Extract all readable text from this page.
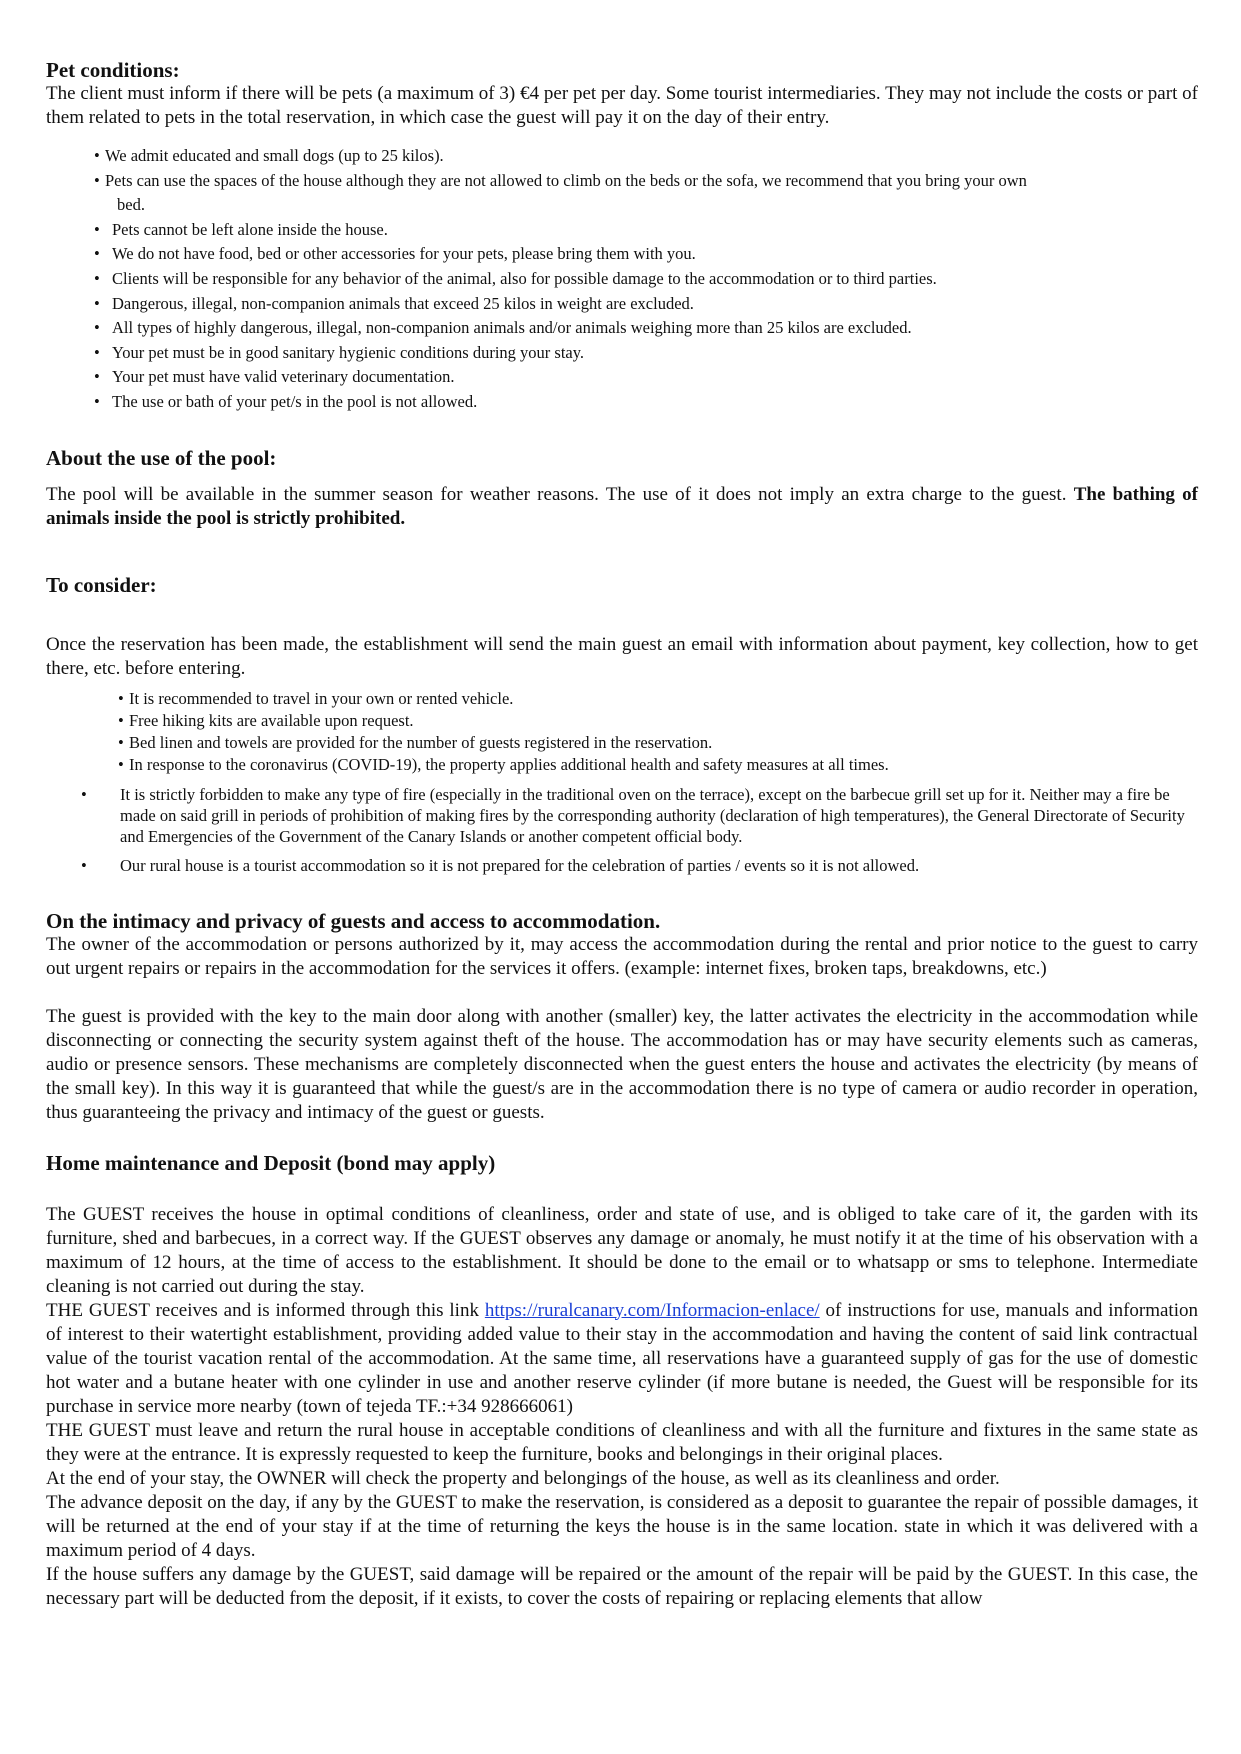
Pet conditions:

The client must inform if there will be pets (a maximum of 3) €4 per pet per day. Some tourist intermediaries. They may not include the costs or part of them related to pets in the total reservation, in which case the guest will pay it on the day of their entry.

• We admit educated and small dogs (up to 25 kilos).
• Pets can use the spaces of the house although they are not allowed to climb on the beds or the sofa, we recommend that you bring your own
bed.
• Pets cannot be left alone inside the house.
• We do not have food, bed or other accessories for your pets, please bring them with you.
• Clients will be responsible for any behavior of the animal, also for possible damage to the accommodation or to third parties.
• Dangerous, illegal, non-companion animals that exceed 25 kilos in weight are excluded.
• All types of highly dangerous, illegal, non-companion animals and/or animals weighing more than 25 kilos are excluded.
• Your pet must be in good sanitary hygienic conditions during your stay.
• Your pet must have valid veterinary documentation.
• The use or bath of your pet/s in the pool is not allowed.
About the use of the pool:

The pool will be available in the summer season for weather reasons. The use of it does not imply an extra charge to the guest. The bathing of animals inside the pool is strictly prohibited.

To consider:

Once the reservation has been made, the establishment will send the main guest an email with information about payment, key collection, how to get there, etc. before entering.

• It is recommended to travel in your own or rented vehicle.
• Free hiking kits are available upon request.
• Bed linen and towels are provided for the number of guests registered in the reservation.
• In response to the coronavirus (COVID-19), the property applies additional health and safety measures at all times.
• It is strictly forbidden to make any type of fire (especially in the traditional oven on the terrace), except on the barbecue grill set up for it. Neither may a fire be made on said grill in periods of prohibition of making fires by the corresponding authority (declaration of high temperatures), the General Directorate of Security and Emergencies of the Government of the Canary Islands or another competent official body.
• Our rural house is a tourist accommodation so it is not prepared for the celebration of parties / events so it is not allowed.
On the intimacy and privacy of guests and access to accommodation.

The owner of the accommodation or persons authorized by it, may access the accommodation during the rental and prior notice to the guest to carry out urgent repairs or repairs in the accommodation for the services it offers. (example: internet fixes, broken taps, breakdowns, etc.)

The guest is provided with the key to the main door along with another (smaller) key, the latter activates the electricity in the accommodation while disconnecting or connecting the security system against theft of the house. The accommodation has or may have security elements such as cameras, audio or presence sensors. These mechanisms are completely disconnected when the guest enters the house and activates the electricity (by means of the small key). In this way it is guaranteed that while the guest/s are in the accommodation there is no type of camera or audio recorder in operation, thus guaranteeing the privacy and intimacy of the guest or guests.

Home maintenance and Deposit (bond may apply)

The GUEST receives the house in optimal conditions of cleanliness, order and state of use, and is obliged to take care of it, the garden with its furniture, shed and barbecues, in a correct way. If the GUEST observes any damage or anomaly, he must notify it at the time of his observation with a maximum of 12 hours, at the time of access to the establishment. It should be done to the email or to whatsapp or sms to telephone. Intermediate cleaning is not carried out during the stay.

THE GUEST receives and is informed through this link https://ruralcanary.com/Informacion-enlace/ of instructions for use, manuals and information of interest to their watertight establishment, providing added value to their stay in the accommodation and having the content of said link contractual value of the tourist vacation rental of the accommodation. At the same time, all reservations have a guaranteed supply of gas for the use of domestic hot water and a butane heater with one cylinder in use and another reserve cylinder (if more butane is needed, the Guest will be responsible for its purchase in service more nearby (town of tejeda TF.:+34 928666061)

THE GUEST must leave and return the rural house in acceptable conditions of cleanliness and with all the furniture and fixtures in the same state as they were at the entrance. It is expressly requested to keep the furniture, books and belongings in their original places.

At the end of your stay, the OWNER will check the property and belongings of the house, as well as its cleanliness and order.

The advance deposit on the day, if any by the GUEST to make the reservation, is considered as a deposit to guarantee the repair of possible damages, it will be returned at the end of your stay if at the time of returning the keys the house is in the same location. state in which it was delivered with a maximum period of 4 days.

If the house suffers any damage by the GUEST, said damage will be repaired or the amount of the repair will be paid by the GUEST. In this case, the necessary part will be deducted from the deposit, if it exists, to cover the costs of repairing or replacing elements that allow
